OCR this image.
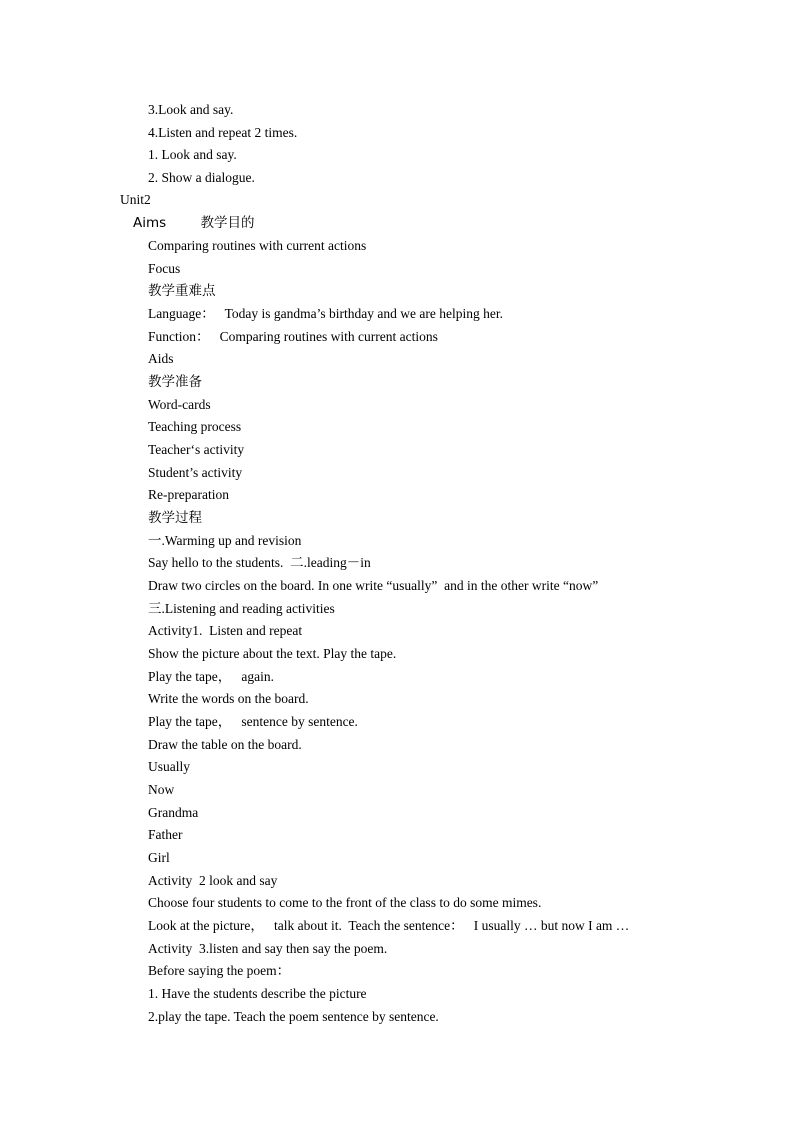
3.Look and say.
4.Listen and repeat 2 times.
1. Look and say.
2. Show a dialogue.
Unit2
Aims        教学目的
Comparing routines with current actions
Focus
教学重难点
Language：   Today is gandma’s birthday and we are helping her.
Function：   Comparing routines with current actions
Aids
教学准备
Word-cards
Teaching process
Teacher‘s activity
Student’s activity
Re-preparation
教学过程
一.Warming up and revision
Say hello to the students.  二.leading－in
Draw two circles on the board. In one write “usually”  and in the other write “now”
三.Listening and reading activities
Activity1.  Listen and repeat
Show the picture about the text. Play the tape.
Play the tape，   again.
Write the words on the board.
Play the tape，   sentence by sentence.
Draw the table on the board.
Usually
Now
Grandma
Father
Girl
Activity  2 look and say
Choose four students to come to the front of the class to do some mimes.
Look at the picture，   talk about it.  Teach the sentence：   I usually … but now I am …
Activity  3.listen and say then say the poem.
Before saying the poem：
1. Have the students describe the picture
2.play the tape. Teach the poem sentence by sentence.
